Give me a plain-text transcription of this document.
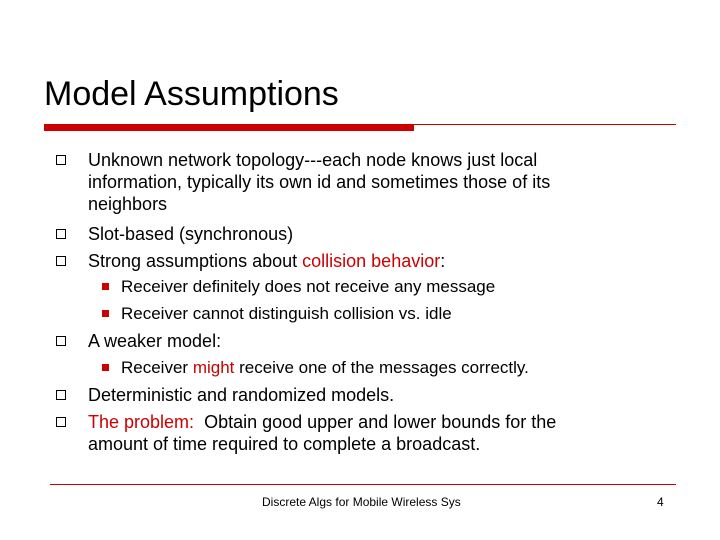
Model Assumptions
Unknown network topology---each node knows just local
information, typically its own id and sometimes those of its
neighbors
Slot-based (synchronous)
Strong assumptions about collision behavior:
Receiver definitely does not receive any message
Receiver cannot distinguish collision vs. idle
A weaker model:
Receiver might receive one of the messages correctly.
Deterministic and randomized models.
The problem:  Obtain good upper and lower bounds for the
amount of time required to complete a broadcast.
Discrete Algs for Mobile Wireless Sys	4
